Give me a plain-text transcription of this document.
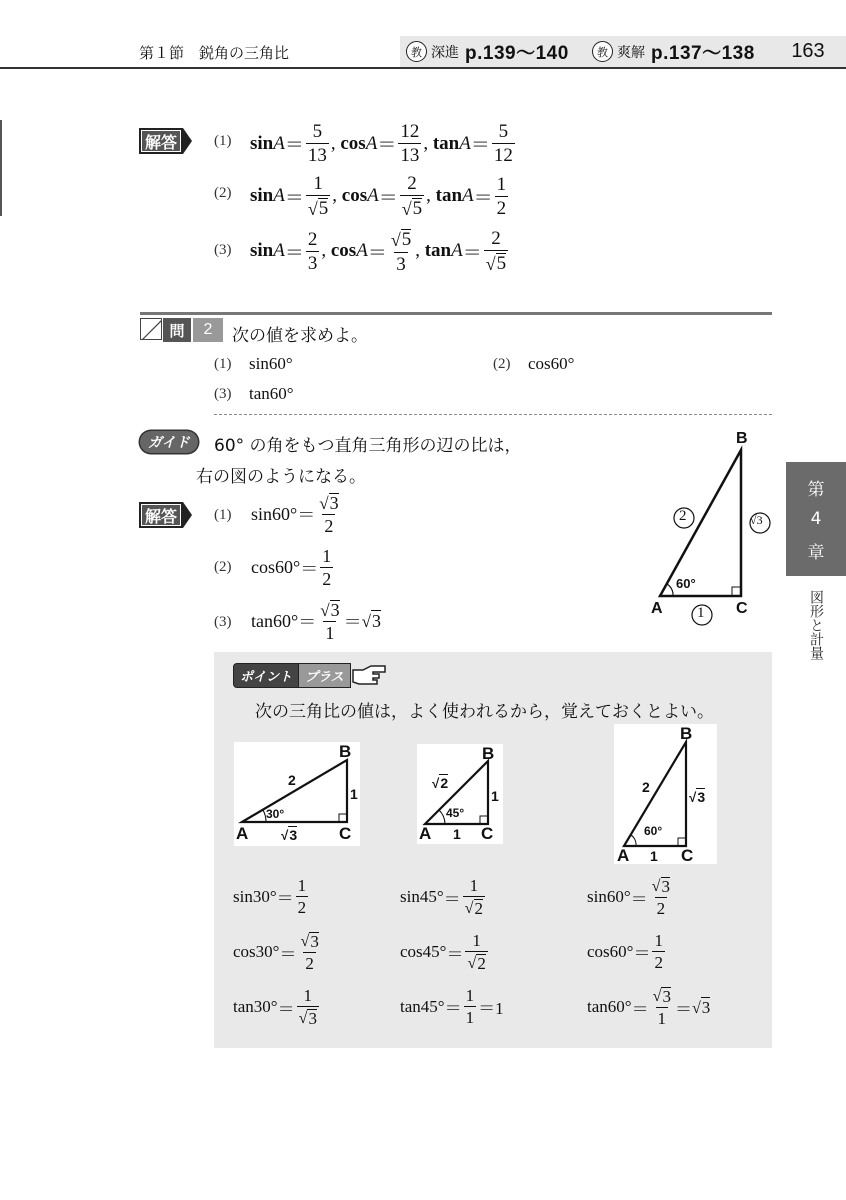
第１節　鋭角の三角比	教 深進 p.139～140	教 爽解 p.137～138	163
解答	(1) $\sin A = \frac{5}{13}$ , $\cos A = \frac{12}{13}$ , $\tan A = \frac{5}{12}$
(2) $\sin A = \frac{1}{√ 5}$ , $\cos A = \frac{2}{√ 5}$ , $\tan A = \frac{1}{2}$
(3) $\sin A = \frac{2}{3}$ , $\cos A = \frac{√ 5}{3}$ , $\tan A = \frac{2}{√ 5}$
問	2	次の値を求めよ。
(1) sin60°	(2) cos60°
(3) tan60°
ガイド	60° の角をもつ直角三角形の辺の比は，
右の図のようになる。
B
A	C
2	√3
1
60°
解答	(1) $\sin 60^\circ = \frac{√ 3}{2}$
(2) $\cos 60^\circ = \frac{1}{2}$
(3) $\tan 60^\circ = \frac{√ 3}{1}$ ＝ √ 3
第
4
章
図形と計量
ポイント	プラス
次の三角比の値は，よく使われるから，覚えておくとよい。
B
A	C
2
1
√ 3
30°
B
A	C
√ 2
1
1
45°
B
A	C
2
√ 3
1
60°
$\sin 30^\circ = \frac{1}{2}$	$\sin 45^\circ = \frac{1}{√ 2}$	$\sin 60^\circ = \frac{√ 3}{2}$
$\cos 30^\circ = \frac{√ 3}{2}$	$\cos 45^\circ = \frac{1}{√ 2}$	$\cos 60^\circ = \frac{1}{2}$
$\tan 30^\circ = \frac{1}{√ 3}$	$\tan 45^\circ = \frac{1}{1} =1$	$\tan 60^\circ = \frac{√ 3}{1}$ ＝ √ 3
